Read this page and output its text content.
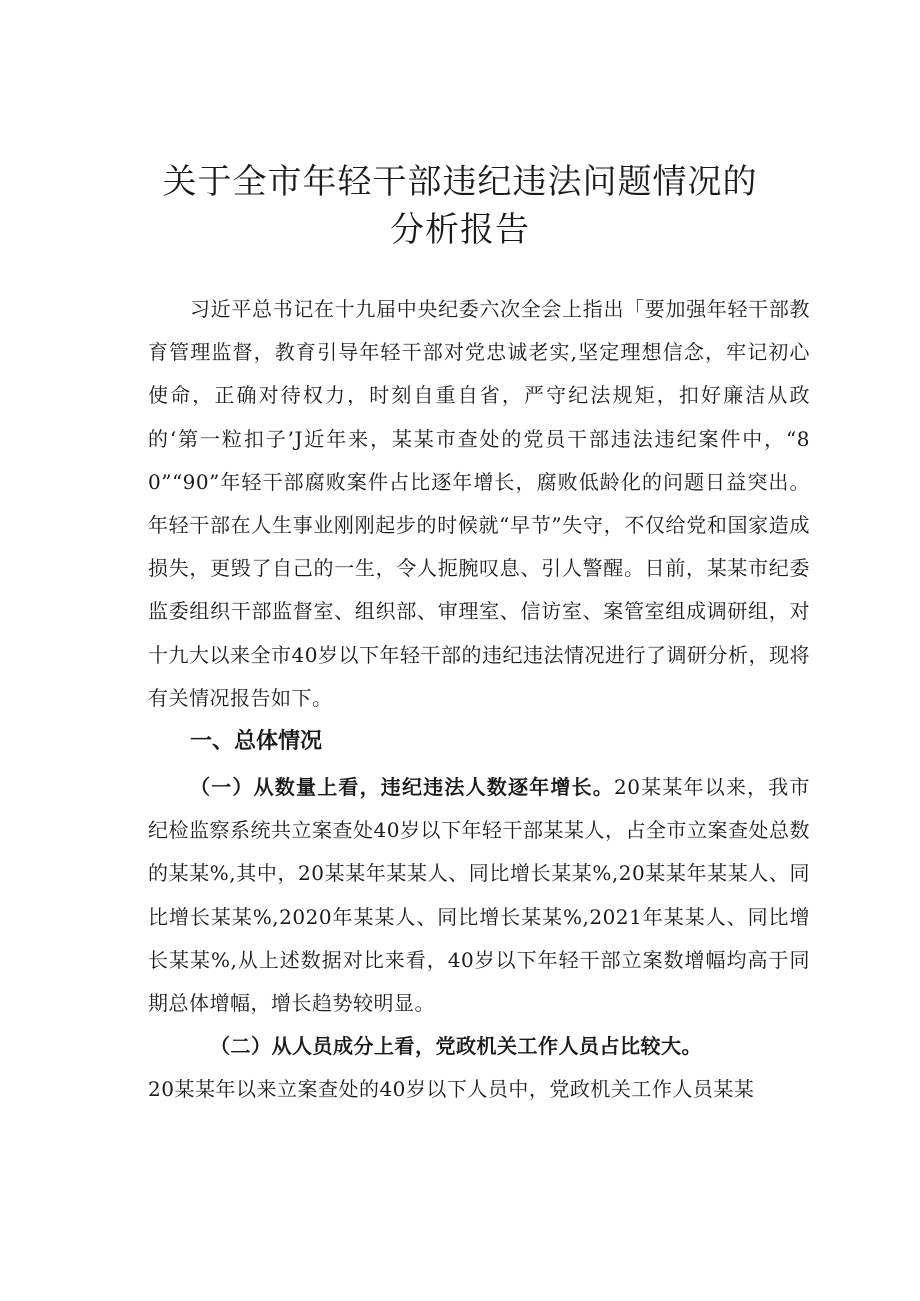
关于全市年轻干部违纪违法问题情况的
分析报告

习近平总书记在十九届中央纪委六次全会上指出「要加强年轻干部教育管理监督，教育引导年轻干部对党忠诚老实,坚定理想信念，牢记初心使命，正确对待权力，时刻自重自省，严守纪法规矩，扣好廉洁从政的‘第一粒扣子’J近年来，某某市查处的党员干部违法违纪案件中，“80”“90”年轻干部腐败案件占比逐年增长，腐败低龄化的问题日益突出。年轻干部在人生事业刚刚起步的时候就“早节”失守，不仅给党和国家造成损失，更毁了自己的一生，令人扼腕叹息、引人警醒。日前，某某市纪委监委组织干部监督室、组织部、审理室、信访室、案管室组成调研组，对十九大以来全市40岁以下年轻干部的违纪违法情况进行了调研分析，现将有关情况报告如下。

一、总体情况

（一）从数量上看，违纪违法人数逐年增长。20某某年以来，我市纪检监察系统共立案查处40岁以下年轻干部某某人，占全市立案查处总数的某某%,其中，20某某年某某人、同比增长某某%,20某某年某某人、同比增长某某%,2020年某某人、同比增长某某%,2021年某某人、同比增长某某%,从上述数据对比来看，40岁以下年轻干部立案数增幅均高于同期总体增幅，增长趋势较明显。

（二）从人员成分上看，党政机关工作人员占比较大。

20某某年以来立案查处的40岁以下人员中，党政机关工作人员某某
